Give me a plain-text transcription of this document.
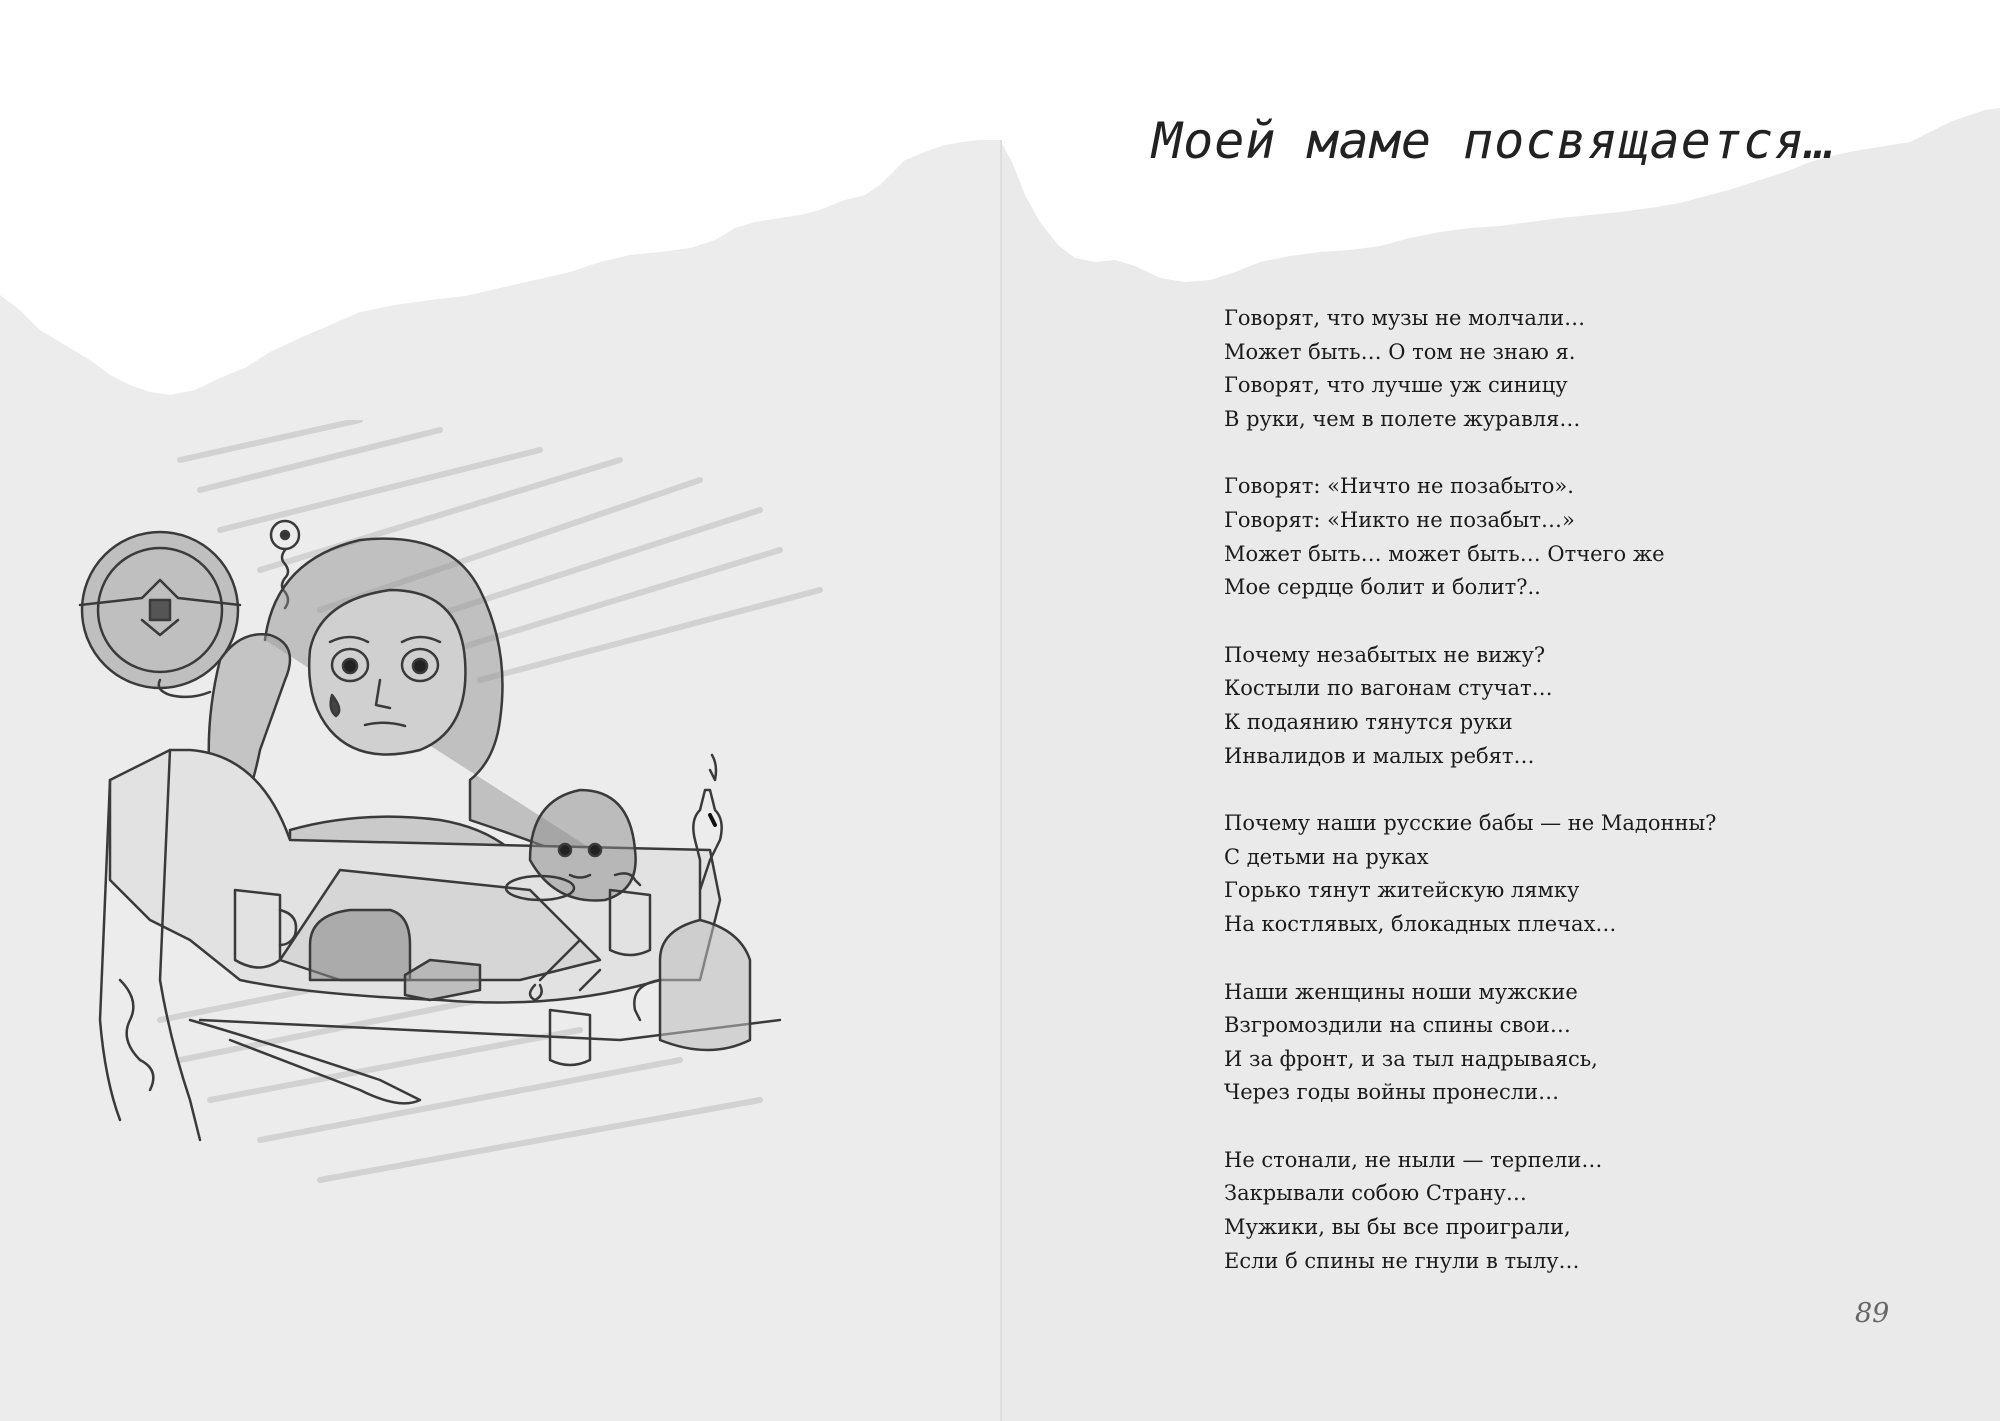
Моей маме посвящается…
Говорят, что музы не молчали…
Может быть… О том не знаю я.
Говорят, что лучше уж синицу
В руки, чем в полете журавля…
Говорят: «Ничто не позабыто».
Говорят: «Никто не позабыт…»
Может быть… может быть… Отчего же
Мое сердце болит и болит?..
Почему незабытых не вижу?
Костыли по вагонам стучат…
К подаянию тянутся руки
Инвалидов и малых ребят…
Почему наши русские бабы — не Мадонны?
С детьми на руках
Горько тянут житейскую лямку
На костлявых, блокадных плечах…
Наши женщины ноши мужские
Взгромоздили на спины свои…
И за фронт, и за тыл надрываясь,
Через годы войны пронесли…
Не стонали, не ныли — терпели…
Закрывали собою Страну…
Мужики, вы бы все проиграли,
Если б спины не гнули в тылу…
89
